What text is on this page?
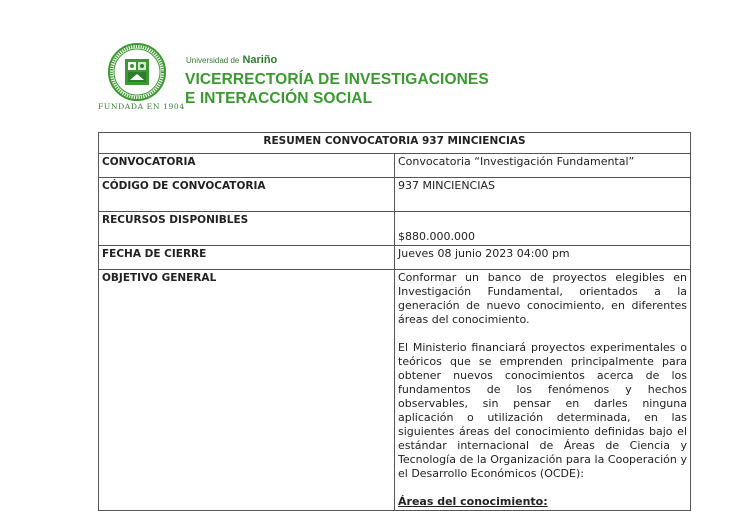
FUNDADA EN 1904
Universidad de Nariño
VICERRECTORÍA DE INVESTIGACIONES
E INTERACCIÓN SOCIAL
RESUMEN CONVOCATORIA 937 MINCIENCIAS	
CONVOCATORIA	Convocatoria “Investigación Fundamental”
CÓDIGO DE CONVOCATORIA	937 MINCIENCIAS
RECURSOS DISPONIBLES	$880.000.000
FECHA DE CIERRE	Jueves 08 junio 2023 04:00 pm
OBJETIVO GENERAL	Conformar un banco de proyectos elegibles en Investigación Fundamental, orientados a la generación de nuevo conocimiento, en diferentes áreas del conocimiento.

El Ministerio financiará proyectos experimentales o teóricos que se emprenden principalmente para obtener nuevos conocimientos acerca de los fundamentos de los fenómenos y hechos observables, sin pensar en darles ninguna aplicación o utilización determinada, en las siguientes áreas del conocimiento definidas bajo el estándar internacional de Áreas de Ciencia y Tecnología de la Organización para la Cooperación y el Desarrollo Económicos (OCDE):

Áreas del conocimiento:
